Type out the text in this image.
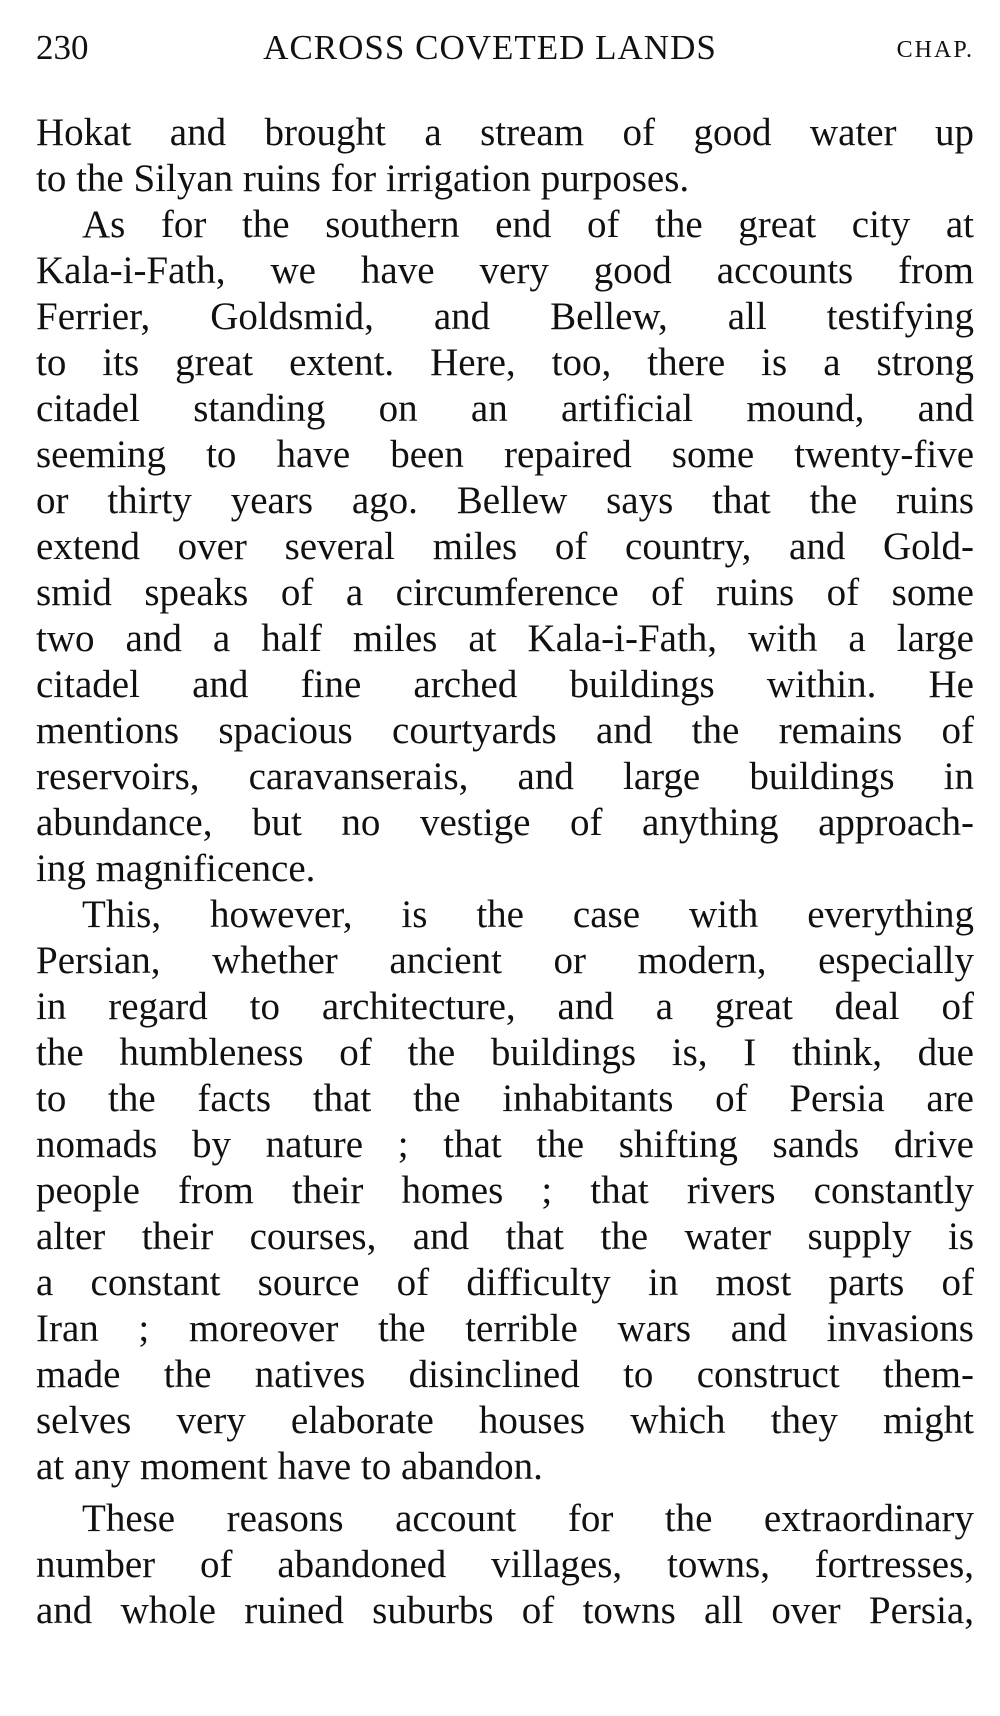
230	ACROSS COVETED LANDS	CHAP.
Hokat and brought a stream of good water up
to the Silyan ruins for irrigation purposes.
As for the southern end of the great city at
Kala-i-Fath, we have very good accounts from
Ferrier, Goldsmid, and Bellew, all testifying
to its great extent. Here, too, there is a strong
citadel standing on an artificial mound, and
seeming to have been repaired some twenty-five
or thirty years ago. Bellew says that the ruins
extend over several miles of country, and Gold-
smid speaks of a circumference of ruins of some
two and a half miles at Kala-i-Fath, with a large
citadel and fine arched buildings within. He
mentions spacious courtyards and the remains of
reservoirs, caravanserais, and large buildings in
abundance, but no vestige of anything approach-
ing magnificence.
This, however, is the case with everything
Persian, whether ancient or modern, especially
in regard to architecture, and a great deal of
the humbleness of the buildings is, I think, due
to the facts that the inhabitants of Persia are
nomads by nature ; that the shifting sands drive
people from their homes ; that rivers constantly
alter their courses, and that the water supply is
a constant source of difficulty in most parts of
Iran ; moreover the terrible wars and invasions
made the natives disinclined to construct them-
selves very elaborate houses which they might
at any moment have to abandon.
These reasons account for the extraordinary
number of abandoned villages, towns, fortresses,
and whole ruined suburbs of towns all over Persia,
